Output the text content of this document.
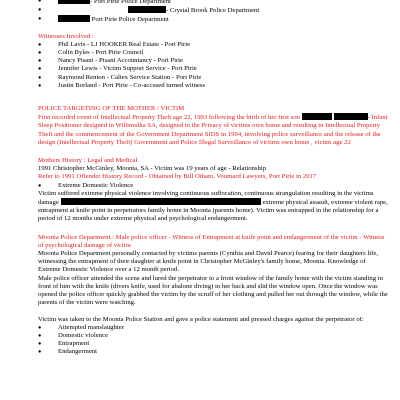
● - Port Pirie Police Department
● - Crystal Brook Police Department
● Port Pirie Police Department

Witnesses Involved :

● Phil Lavis - LJ HOOKER Real Estate - Port Pirie
● Colin Byles - Port Pirie Council
● Nancy Pisani - Pisani Accountancy - Port Pirie
● Jennifer Lewis - Victim Support Service - Port Pirie
● Raymond Renton - Caltex Service Station - Port Pirie
● Justin Borland - Port Pirie - Co-accused turned witness

POLICE TARGETING OF THE MOTHER / VICTIM

First recorded event of Intellectual Property Theft age 22, 1993 following the birth of her first son	- Infant Sleep Positioner designed in Willimulka SA, designed in the Privacy of victims own home and resulting in Intellectual Property Theft and the commencement of the Government Department SIDS in 1994, involving police surveillance and the release of the design (Intellectual Property Theft) Government and Police Illegal Surveillance of victims own home , victim age 22

Mothers History : Legal and Medical

1991 Christopher McGinley, Moonta, SA - Victim was 19 years of age - Relationship

Refer to 1991 Offender History Record - Obtained by Bill Otham, Voumard Lawyers, Port Pirie in 2017

● Extreme Domestic Violence

Victim suffered extreme physical violence involving continuous suffocation, continuous strangulation resulting in the victims damage	extreme physical assault, extreme violent rape, entrapment at knife point in perpetrators family home in Moonta (parents home). Victim was entrapped in the relationship for a period of 12 months under extreme physical and psychological endangerment.

Moonta Police Department : Male police officer - Witness of Entrapment at knife point and endangerment of the victim - Witness of psychological damage of victim

Moonta Police Department personally contacted by victims parents (Cynthia and David Pearce) fearing for their daughters life, witnessing the entrapment of their daughter at knife point in Christopher McGinley's family home, Moonta. Knowledge of Extreme Domestic Violence over a 12 month period.

Male police officer attended the scene and lured the perpetrator to a front window of the family home with the victim standing in front of him with the knife (divers knife, used for abalone diving) in her back and slid the window open. Once the window was opened the police officer quickly grabbed the victim by the scruff of her clothing and pulled her out through the window, while the parents of the victim were watching.

Victim was taken to the Moonta Police Station and gave a police statement and pressed charges against the perpetrator of:

● Attempted manslaughter
● Domestic violence
● Entrapment
● Endangerment
